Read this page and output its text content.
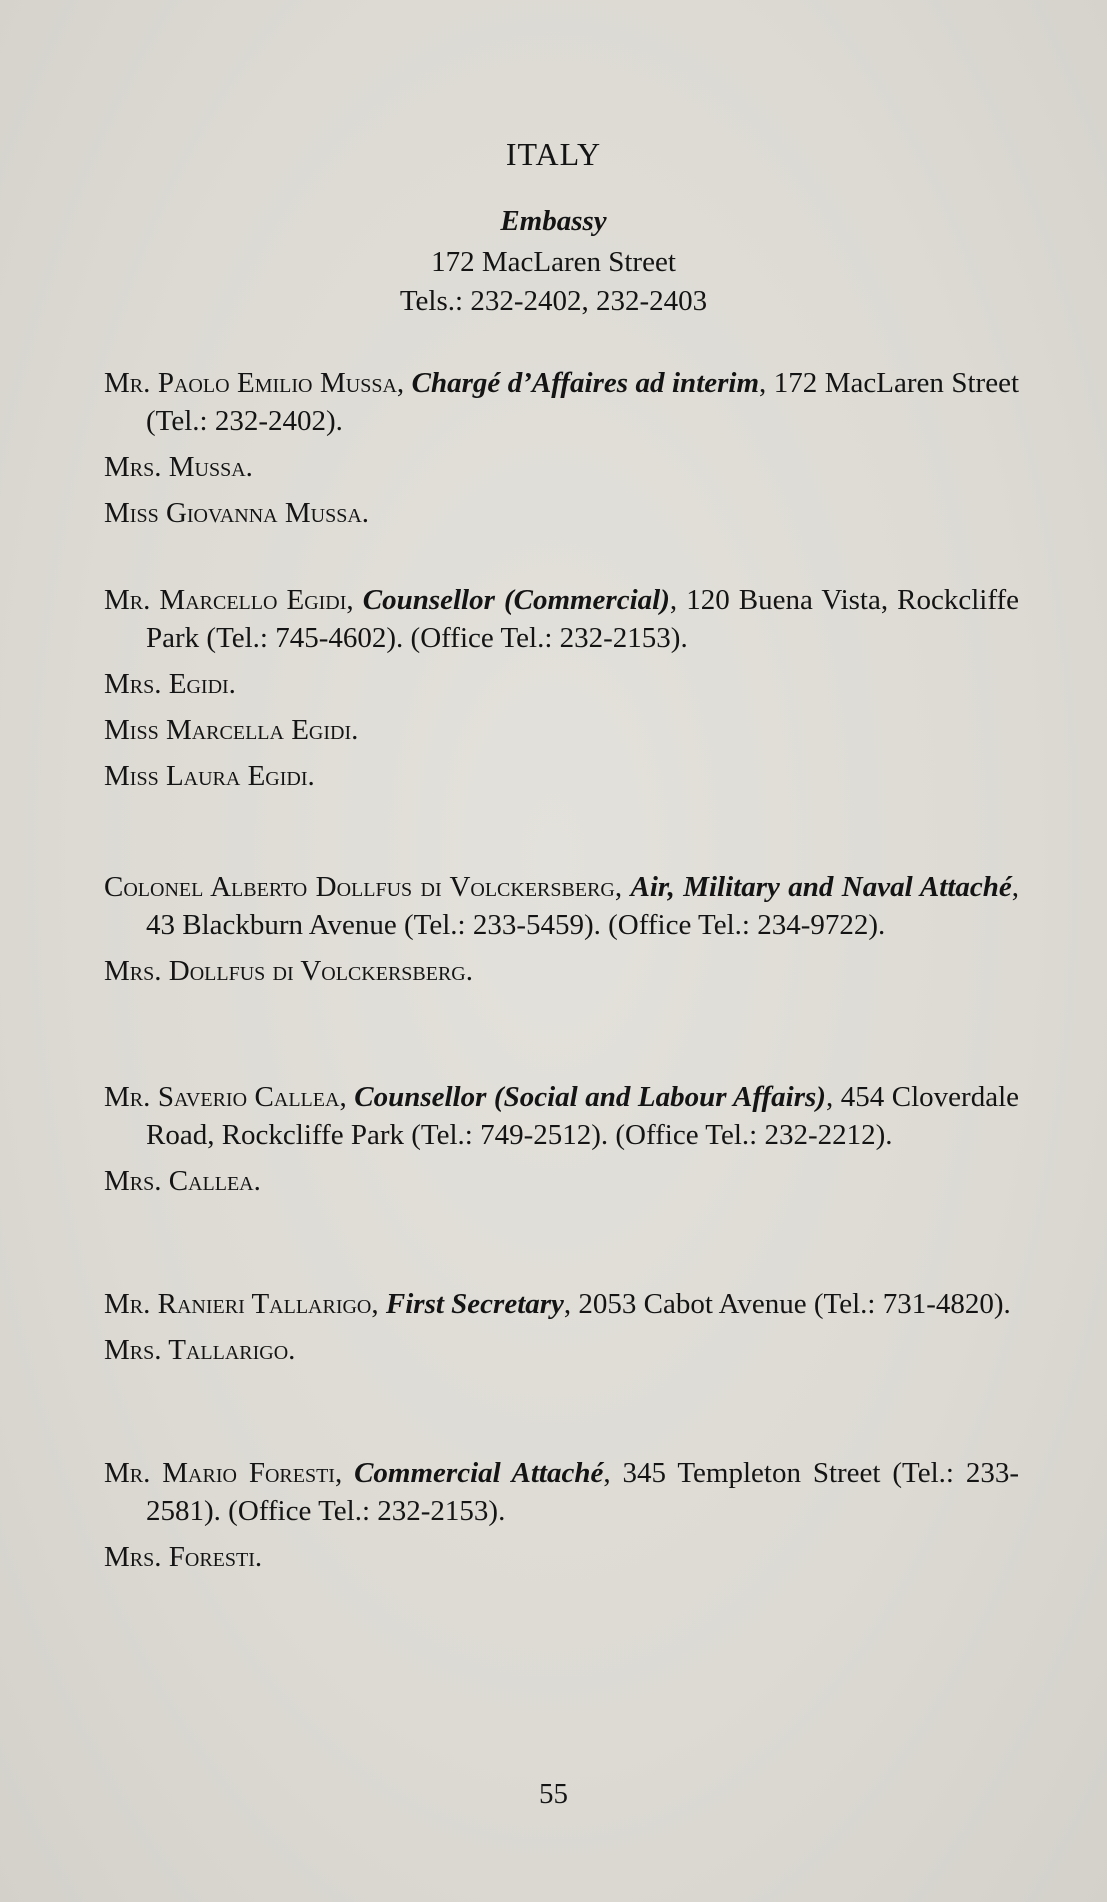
ITALY
Embassy
172 MacLaren Street
Tels.: 232-2402, 232-2403
Mr. Paolo Emilio Mussa, Chargé d’Affaires ad interim, 172 MacLaren Street (Tel.: 232-2402).
Mrs. Mussa.
Miss Giovanna Mussa.
Mr. Marcello Egidi, Counsellor (Commercial), 120 Buena Vista, Rockcliffe Park (Tel.: 745-4602). (Office Tel.: 232-2153).
Mrs. Egidi.
Miss Marcella Egidi.
Miss Laura Egidi.
Colonel Alberto Dollfus di Volckersberg, Air, Military and Naval Attaché, 43 Blackburn Avenue (Tel.: 233-5459). (Office Tel.: 234-9722).
Mrs. Dollfus di Volckersberg.
Mr. Saverio Callea, Counsellor (Social and Labour Affairs), 454 Cloverdale Road, Rockcliffe Park (Tel.: 749-2512). (Office Tel.: 232-2212).
Mrs. Callea.
Mr. Ranieri Tallarigo, First Secretary, 2053 Cabot Avenue (Tel.: 731-4820).
Mrs. Tallarigo.
Mr. Mario Foresti, Commercial Attaché, 345 Templeton Street (Tel.: 233-2581). (Office Tel.: 232-2153).
Mrs. Foresti.
55
